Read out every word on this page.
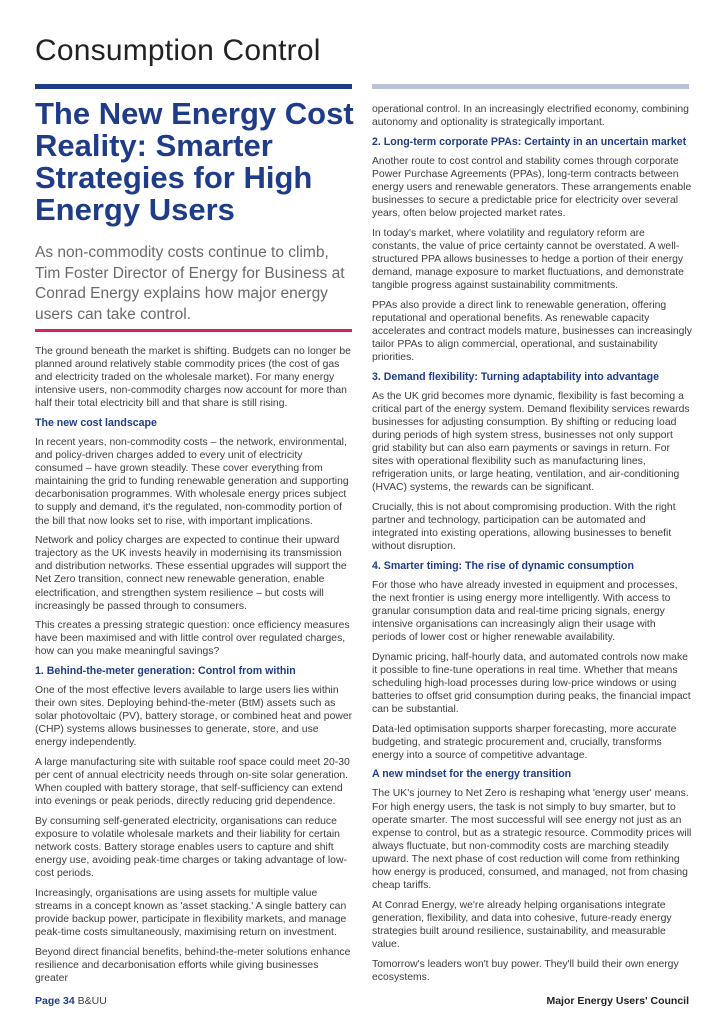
Consumption Control
The New Energy Cost Reality: Smarter Strategies for High Energy Users

As non-commodity costs continue to climb, Tim Foster Director of Energy for Business at Conrad Energy explains how major energy users can take control.

The ground beneath the market is shifting. Budgets can no longer be planned around relatively stable commodity prices (the cost of gas and electricity traded on the wholesale market). For many energy intensive users, non-commodity charges now account for more than half their total electricity bill and that share is still rising.

The new cost landscape

In recent years, non-commodity costs – the network, environmental, and policy-driven charges added to every unit of electricity consumed – have grown steadily. These cover everything from maintaining the grid to funding renewable generation and supporting decarbonisation programmes. With wholesale energy prices subject to supply and demand, it's the regulated, non-commodity portion of the bill that now looks set to rise, with important implications.

Network and policy charges are expected to continue their upward trajectory as the UK invests heavily in modernising its transmission and distribution networks. These essential upgrades will support the Net Zero transition, connect new renewable generation, enable electrification, and strengthen system resilience – but costs will increasingly be passed through to consumers.

This creates a pressing strategic question: once efficiency measures have been maximised and with little control over regulated charges, how can you make meaningful savings?

1. Behind-the-meter generation: Control from within

One of the most effective levers available to large users lies within their own sites. Deploying behind-the-meter (BtM) assets such as solar photovoltaic (PV), battery storage, or combined heat and power (CHP) systems allows businesses to generate, store, and use energy independently.

A large manufacturing site with suitable roof space could meet 20-30 per cent of annual electricity needs through on-site solar generation. When coupled with battery storage, that self-sufficiency can extend into evenings or peak periods, directly reducing grid dependence.

By consuming self-generated electricity, organisations can reduce exposure to volatile wholesale markets and their liability for certain network costs. Battery storage enables users to capture and shift energy use, avoiding peak-time charges or taking advantage of low-cost periods.

Increasingly, organisations are using assets for multiple value streams in a concept known as 'asset stacking.' A single battery can provide backup power, participate in flexibility markets, and manage peak-time costs simultaneously, maximising return on investment.

Beyond direct financial benefits, behind-the-meter solutions enhance resilience and decarbonisation efforts while giving businesses greater

operational control. In an increasingly electrified economy, combining autonomy and optionality is strategically important.

2. Long-term corporate PPAs: Certainty in an uncertain market

Another route to cost control and stability comes through corporate Power Purchase Agreements (PPAs), long-term contracts between energy users and renewable generators. These arrangements enable businesses to secure a predictable price for electricity over several years, often below projected market rates.

In today's market, where volatility and regulatory reform are constants, the value of price certainty cannot be overstated. A well-structured PPA allows businesses to hedge a portion of their energy demand, manage exposure to market fluctuations, and demonstrate tangible progress against sustainability commitments.

PPAs also provide a direct link to renewable generation, offering reputational and operational benefits. As renewable capacity accelerates and contract models mature, businesses can increasingly tailor PPAs to align commercial, operational, and sustainability priorities.

3. Demand flexibility: Turning adaptability into advantage

As the UK grid becomes more dynamic, flexibility is fast becoming a critical part of the energy system. Demand flexibility services rewards businesses for adjusting consumption. By shifting or reducing load during periods of high system stress, businesses not only support grid stability but can also earn payments or savings in return. For sites with operational flexibility such as manufacturing lines, refrigeration units, or large heating, ventilation, and air-conditioning (HVAC) systems, the rewards can be significant.

Crucially, this is not about compromising production. With the right partner and technology, participation can be automated and integrated into existing operations, allowing businesses to benefit without disruption.

4. Smarter timing: The rise of dynamic consumption

For those who have already invested in equipment and processes, the next frontier is using energy more intelligently. With access to granular consumption data and real-time pricing signals, energy intensive organisations can increasingly align their usage with periods of lower cost or higher renewable availability.

Dynamic pricing, half-hourly data, and automated controls now make it possible to fine-tune operations in real time. Whether that means scheduling high-load processes during low-price windows or using batteries to offset grid consumption during peaks, the financial impact can be substantial.

Data-led optimisation supports sharper forecasting, more accurate budgeting, and strategic procurement and, crucially, transforms energy into a source of competitive advantage.

A new mindset for the energy transition

The UK's journey to Net Zero is reshaping what 'energy user' means. For high energy users, the task is not simply to buy smarter, but to operate smarter. The most successful will see energy not just as an expense to control, but as a strategic resource. Commodity prices will always fluctuate, but non-commodity costs are marching steadily upward. The next phase of cost reduction will come from rethinking how energy is produced, consumed, and managed, not from chasing cheap tariffs.

At Conrad Energy, we're already helping organisations integrate generation, flexibility, and data into cohesive, future-ready energy strategies built around resilience, sustainability, and measurable value.

Tomorrow's leaders won't buy power. They'll build their own energy ecosystems.

Page 34 B&UU	Major Energy Users' Council
